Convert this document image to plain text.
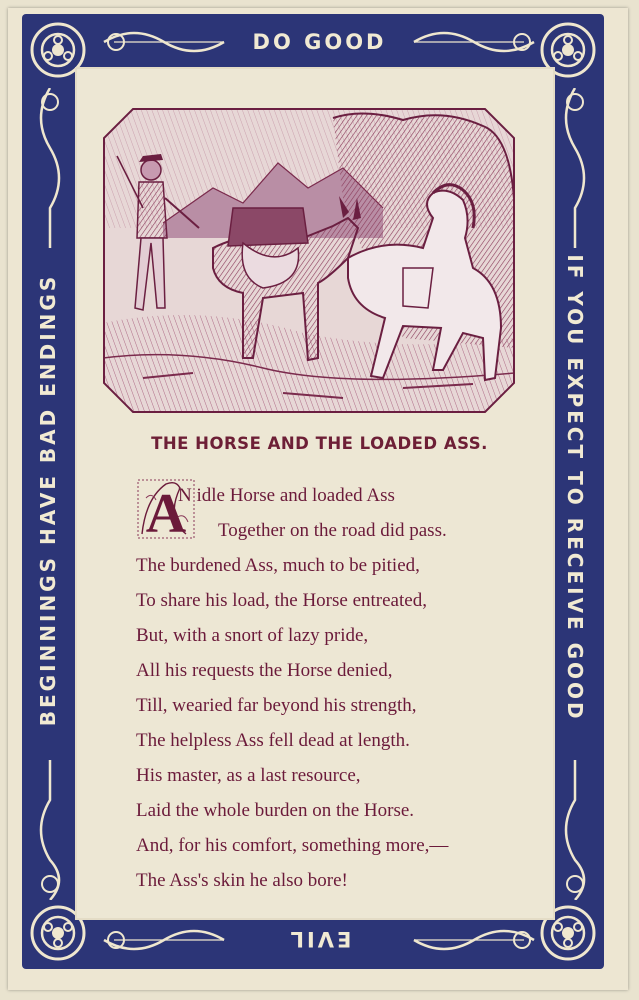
DO GOOD
EVIL
BEGINNINGS HAVE BAD ENDINGS	IF YOU EXPECT TO RECEIVE GOOD
THE HORSE AND THE LOADED ASS.
A
N idle Horse and loaded Ass
Together on the road did pass.
The burdened Ass, much to be pitied,
To share his load, the Horse entreated,
But, with a snort of lazy pride,
All his requests the Horse denied,
Till, wearied far beyond his strength,
The helpless Ass fell dead at length.
His master, as a last resource,
Laid the whole burden on the Horse.
And, for his comfort, something more,—
The Ass's skin he also bore!
